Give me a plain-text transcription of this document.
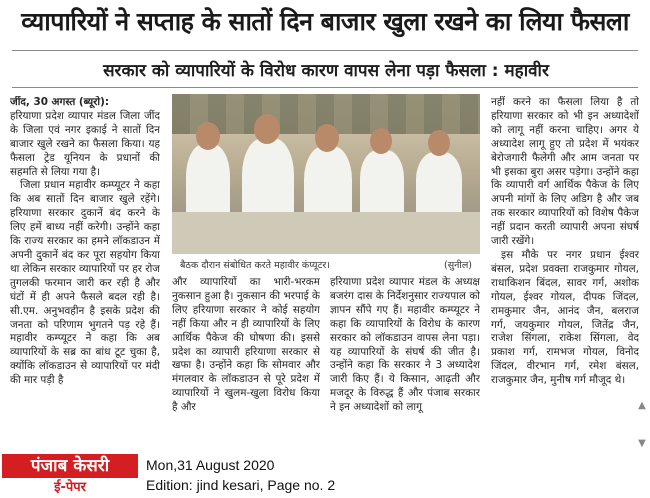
व्यापारियों ने सप्ताह के सातों दिन बाजार खुला रखने का लिया फैसला
सरकार को व्यापारियों के विरोध कारण वापस लेना पड़ा फैसला : महावीर

जींद, 30 अगस्त (ब्यूरो):

हरियाणा प्रदेश व्यापार मंडल जिला जींद के जिला एवं नगर इकाई ने सातों दिन बाजार खुले रखने का फैसला किया। यह फैसला ट्रेड यूनियन के प्रधानों की सहमति से लिया गया है।

जिला प्रधान महावीर कम्प्यूटर ने कहा कि अब सातों दिन बाजार खुले रहेंगे। हरियाणा सरकार दुकानें बंद करने के लिए हमें बाध्य नहीं करेगी। उन्होंने कहा कि राज्य सरकार का हमने लॉकडाउन में अपनी दुकानें बंद कर पूरा सहयोग किया था लेकिन सरकार व्यापारियों पर हर रोज तुगलकी फरमान जारी कर रही है और घंटों में ही अपने फैसले बदल रही है। सी.एम. अनुभवहीन है इसके प्रदेश की जनता को परिणाम भुगतने पड़ रहे हैं। महावीर कम्प्यूटर ने कहा कि अब व्यापारियों के सब्र का बांध टूट चुका है, क्योंकि लॉकडाउन से व्यापारियों पर मंदी की मार पड़ी है

बैठक दौरान संबोधित करते महावीर कंप्यूटर।	(सुनील)

और व्यापारियों का भारी-भरकम नुकसान हुआ है। नुकसान की भरपाई के लिए हरियाणा सरकार ने कोई सहयोग नहीं किया और न ही व्यापारियों के लिए आर्थिक पैकेज की घोषणा की। इससे प्रदेश का व्यापारी हरियाणा सरकार से खफा है। उन्होंने कहा कि सोमवार और मंगलवार के लॉकडाउन से पूरे प्रदेश में व्यापारियों ने खुलम-खुला विरोध किया है और

हरियाणा प्रदेश व्यापार मंडल के अध्यक्ष बजरंग दास के निर्देशनुसार राज्यपाल को ज्ञापन सौंपे गए हैं। महावीर कम्प्यूटर ने कहा कि व्यापारियों के विरोध के कारण सरकार को लॉकडाउन वापस लेना पड़ा। यह व्यापारियों के संघर्ष की जीत है। उन्होंने कहा कि सरकार ने 3 अध्यादेश जारी किए हैं। ये किसान, आढ़ती और मजदूर के विरुद्ध हैं और पंजाब सरकार ने इन अध्यादेशों को लागू

नहीं करने का फैसला लिया है तो हरियाणा सरकार को भी इन अध्यादेशों को लागू नहीं करना चाहिए। अगर ये अध्यादेश लागू हुए तो प्रदेश में भयंकर बेरोजगारी फैलेगी और आम जनता पर भी इसका बुरा असर पड़ेगा। उन्होंने कहा कि व्यापारी वर्ग आर्थिक पैकेज के लिए अपनी मांगों के लिए अडिग है और जब तक सरकार व्यापारियों को विशेष पैकेज नहीं प्रदान करती व्यापारी अपना संघर्ष जारी रखेंगे।

इस मौके पर नगर प्रधान ईश्वर बंसल, प्रदेश प्रवक्ता राजकुमार गोयल, राधाकिशन बिंदल, सावर गर्ग, अशोक गोयल, ईश्वर गोयल, दीपक जिंदल, रामकुमार जैन, आनंद जैन, बलराज गर्ग, जयकुमार गोयल, जितेंद्र जैन, राजेश सिंगला, राकेश सिंगला, वेद प्रकाश गर्ग, रामभज गोयल, विनोद जिंदल, वीरभान गर्ग, रमेश बंसल, राजकुमार जैन, मुनीष गर्ग मौजूद थे।

▲
▼
पंजाब केसरी
ई-पेपर
Mon,31 August 2020
Edition: jind kesari, Page no. 2
